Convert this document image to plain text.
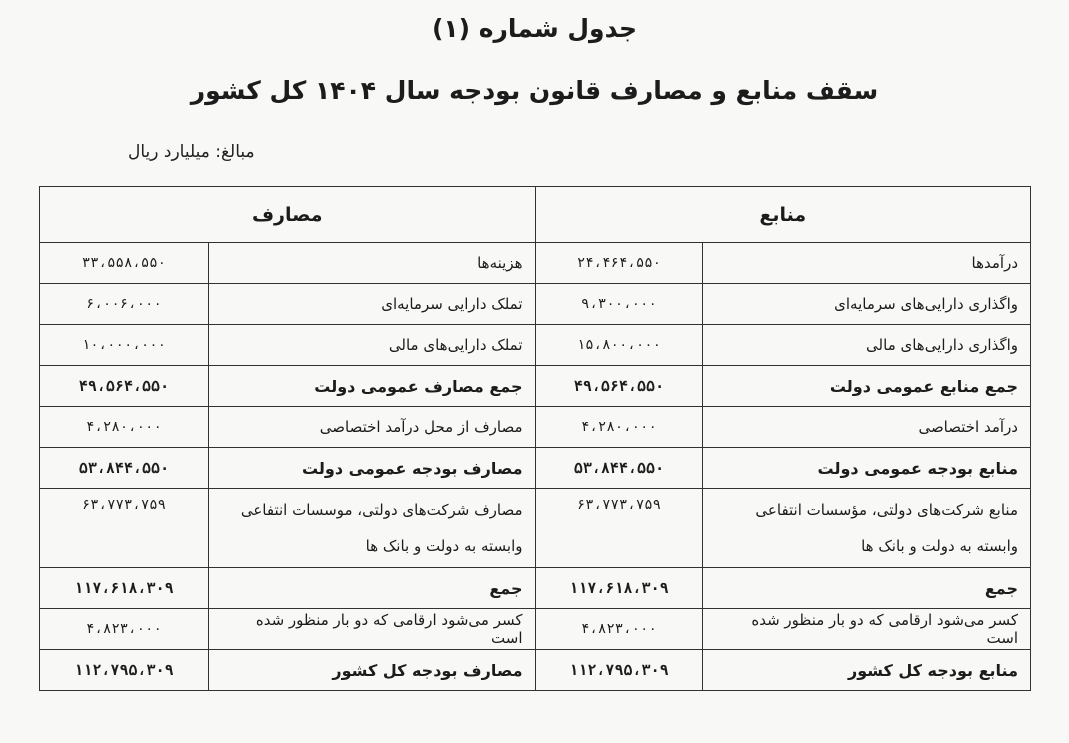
جدول شماره (۱)
سقف منابع و مصارف قانون بودجه سال ۱۴۰۴ کل کشور
مبالغ: میلیارد ریال
منابع		مصارف	
درآمدها	۲۴،۴۶۴،۵۵۰	هزینه‌ها	۳۳،۵۵۸،۵۵۰
واگذاری دارایی‌های سرمایه‌ای	۹،۳۰۰،۰۰۰	تملک دارایی سرمایه‌ای	۶،۰۰۶،۰۰۰
واگذاری دارایی‌های مالی	۱۵،۸۰۰،۰۰۰	تملک دارایی‌های مالی	۱۰،۰۰۰،۰۰۰
جمع منابع عمومی دولت	۴۹،۵۶۴،۵۵۰	جمع مصارف عمومی دولت	۴۹،۵۶۴،۵۵۰
درآمد اختصاصی	۴،۲۸۰،۰۰۰	مصارف از محل درآمد اختصاصی	۴،۲۸۰،۰۰۰
منابع بودجه عمومی دولت	۵۳،۸۴۴،۵۵۰	مصارف بودجه عمومی دولت	۵۳،۸۴۴،۵۵۰
منابع شرکت‌های دولتی، مؤسسات انتفاعی وابسته به دولت و بانک ها	۶۳،۷۷۳،۷۵۹	مصارف شرکت‌های دولتی، موسسات انتفاعی وابسته به دولت و بانک ها	۶۳،۷۷۳،۷۵۹
جمع	۱۱۷،۶۱۸،۳۰۹	جمع	۱۱۷،۶۱۸،۳۰۹
کسر می‌شود ارقامی که دو بار منظور شده است	۴،۸۲۳،۰۰۰	کسر می‌شود ارقامی که دو بار منظور شده است	۴،۸۲۳،۰۰۰
منابع بودجه کل کشور	۱۱۲،۷۹۵،۳۰۹	مصارف بودجه کل کشور	۱۱۲،۷۹۵،۳۰۹
